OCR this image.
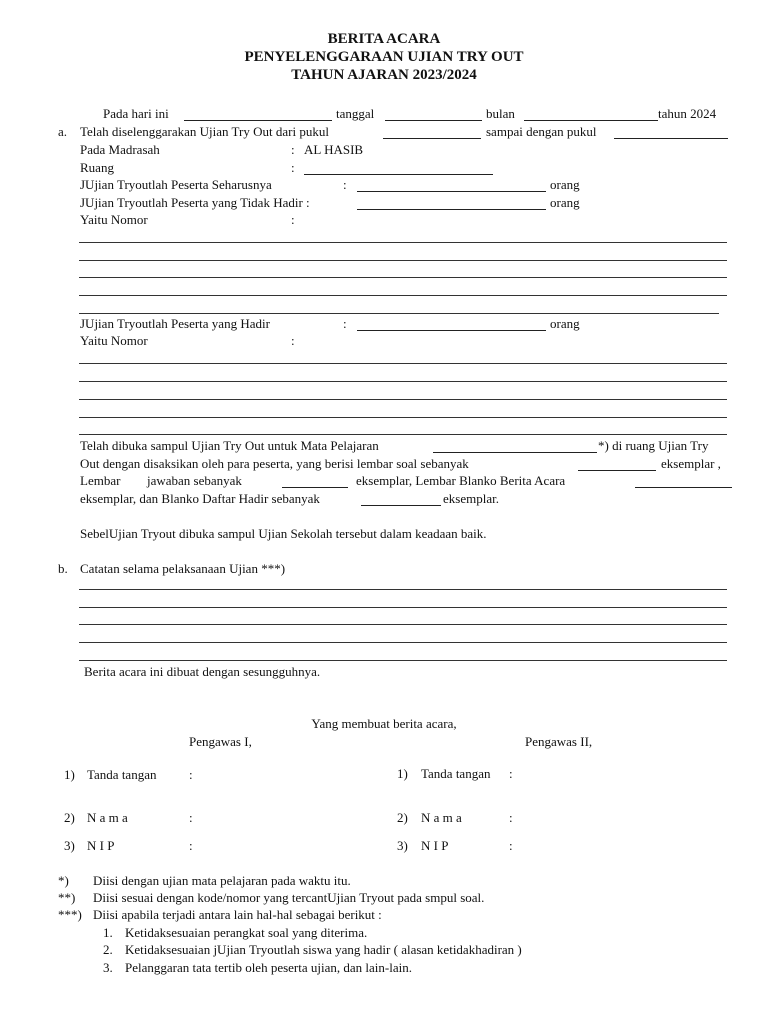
BERITA ACARA
PENYELENGGARAAN UJIAN TRY OUT
TAHUN AJARAN 2023/2024
Pada hari ini	tanggal	bulan	tahun 2024
a. Telah diselenggarakan Ujian Try Out dari pukul	sampai dengan pukul
Pada Madrasah	: AL HASIB
Ruang	:
JUjian Tryoutlah Peserta Seharusnya	:	orang
JUjian Tryoutlah Peserta yang Tidak Hadir :	orang
Yaitu Nomor	:
JUjian Tryoutlah Peserta yang Hadir	:	orang
Yaitu Nomor	:
Telah dibuka sampul Ujian Try Out untuk Mata Pelajaran	*) di ruang Ujian Try
Out dengan disaksikan oleh para peserta, yang berisi lembar soal sebanyak	eksemplar ,
Lembar jawaban sebanyak	eksemplar, Lembar Blanko Berita Acara
eksemplar, dan Blanko Daftar Hadir sebanyak	eksemplar.
SebelUjian Tryout dibuka sampul Ujian Sekolah tersebut dalam keadaan baik.
b. Catatan selama pelaksanaan Ujian ***)
Berita acara ini dibuat dengan sesungguhnya.
Yang membuat berita acara,
Pengawas I,	Pengawas II,
1) Tanda tangan	:	1) Tanda tangan :
2) N a m a	:	2) N a m a	:
3) N I P	:	3) N I P	:
*) Diisi dengan ujian mata pelajaran pada waktu itu.
**) Diisi sesuai dengan kode/nomor yang tercantUjian Tryout pada smpul soal.
***) Diisi apabila terjadi antara lain hal-hal sebagai berikut :
1. Ketidaksesuaian perangkat soal yang diterima.
2. Ketidaksesuaian jUjian Tryoutlah siswa yang hadir ( alasan ketidakhadiran )
3. Pelanggaran tata tertib oleh peserta ujian, dan lain-lain.
